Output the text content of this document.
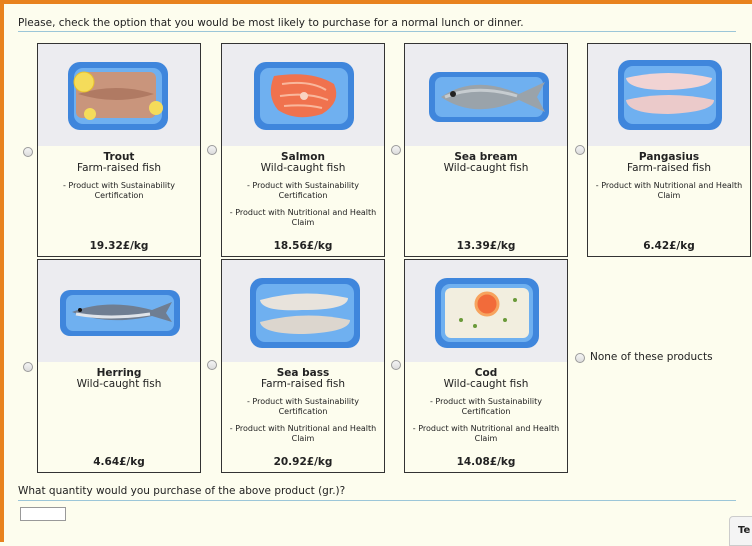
Please, check the option that you would be most likely to purchase for a normal lunch or dinner.
Trout
Farm-raised fish
- Product with Sustainability Certification
19.32£/kg
Salmon
Wild-caught fish
- Product with Sustainability Certification
- Product with Nutritional and Health Claim
18.56£/kg
Sea bream
Wild-caught fish
13.39£/kg
Pangasius
Farm-raised fish
- Product with Nutritional and Health Claim
6.42£/kg
Herring
Wild-caught fish
4.64£/kg
Sea bass
Farm-raised fish
- Product with Sustainability Certification
- Product with Nutritional and Health Claim
20.92£/kg
Cod
Wild-caught fish
- Product with Sustainability Certification
- Product with Nutritional and Health Claim
14.08£/kg
None of these products
What quantity would you purchase of the above product (gr.)?
Te
